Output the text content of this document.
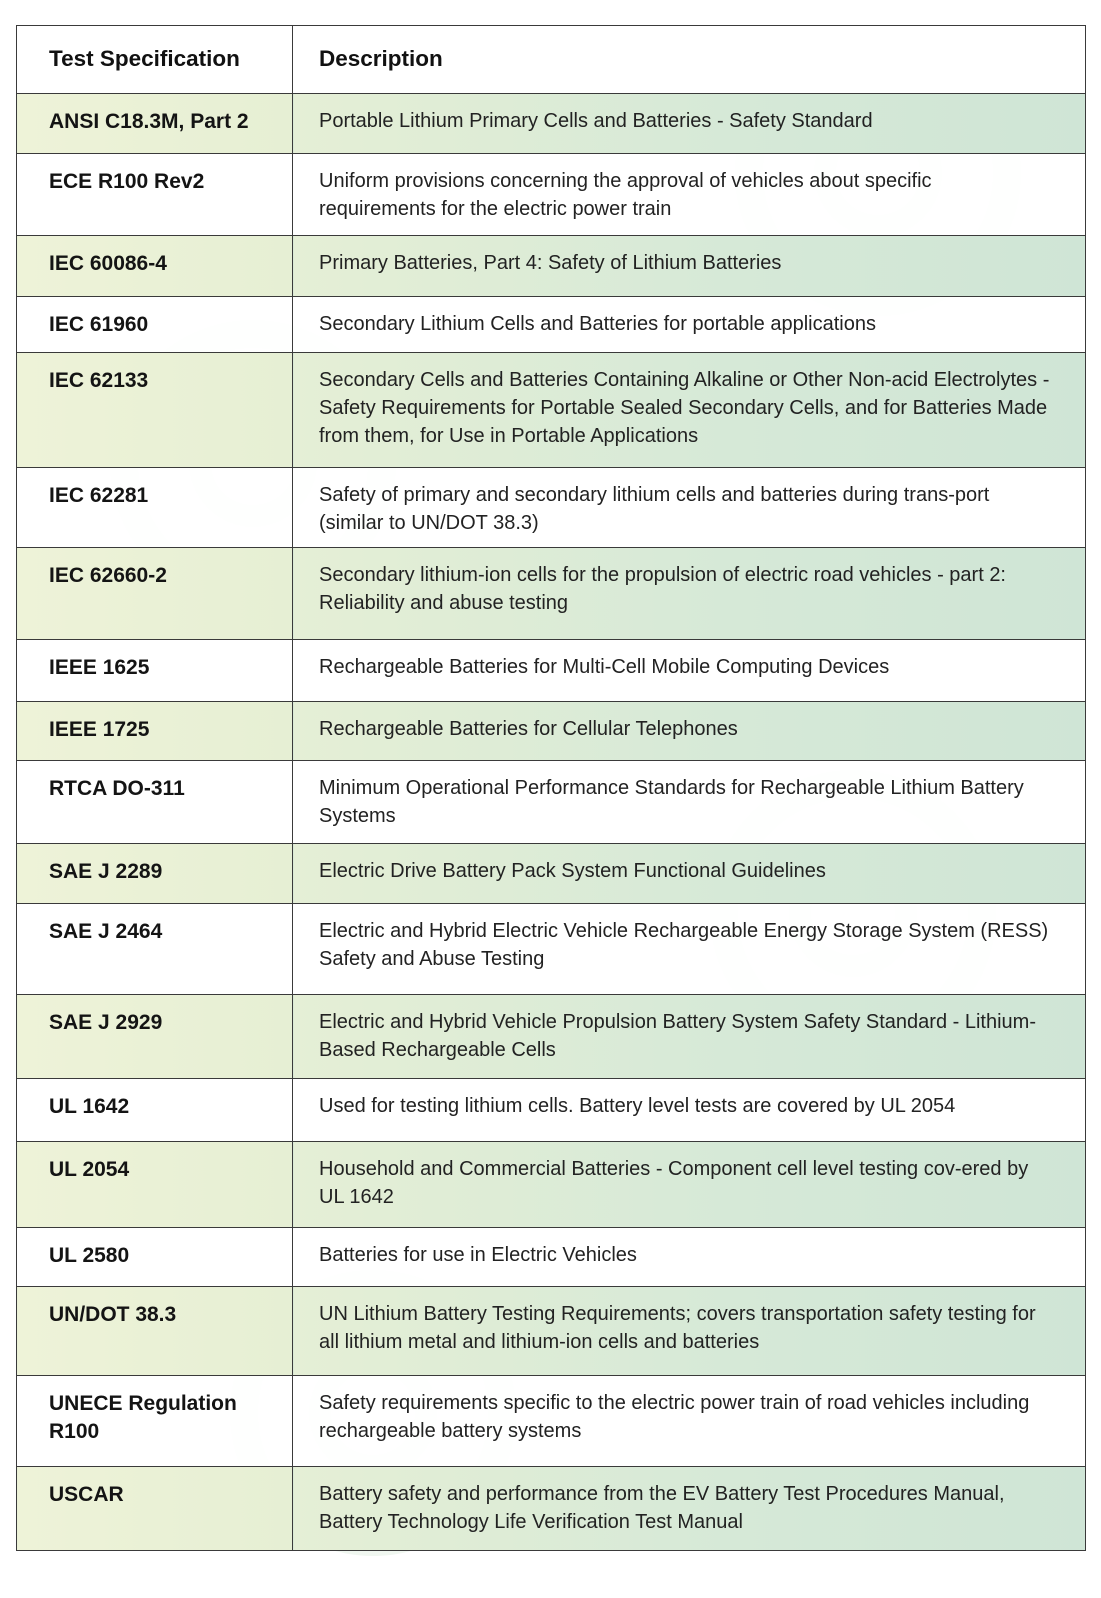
Test Specification	Description
ANSI C18.3M, Part 2	Portable Lithium Primary Cells and Batteries - Safety Standard
ECE R100 Rev2	Uniform provisions concerning the approval of vehicles about specific requirements for the electric power train
IEC 60086-4	Primary Batteries, Part 4: Safety of Lithium Batteries
IEC 61960	Secondary Lithium Cells and Batteries for portable applications
IEC 62133	Secondary Cells and Batteries Containing Alkaline or Other Non-acid Electrolytes - Safety Requirements for Portable Sealed Secondary Cells, and for Batteries Made from them, for Use in Portable Applications
IEC 62281	Safety of primary and secondary lithium cells and batteries during trans-port (similar to UN/DOT 38.3)
IEC 62660-2	Secondary lithium-ion cells for the propulsion of electric road vehicles - part 2: Reliability and abuse testing
IEEE 1625	Rechargeable Batteries for Multi-Cell Mobile Computing Devices
IEEE 1725	Rechargeable Batteries for Cellular Telephones
RTCA DO-311	Minimum Operational Performance Standards for Rechargeable Lithium Battery Systems
SAE J 2289	Electric Drive Battery Pack System Functional Guidelines
SAE J 2464	Electric and Hybrid Electric Vehicle Rechargeable Energy Storage System (RESS) Safety and Abuse Testing
SAE J 2929	Electric and Hybrid Vehicle Propulsion Battery System Safety Standard - Lithium-Based Rechargeable Cells
UL 1642	Used for testing lithium cells. Battery level tests are covered by UL 2054
UL 2054	Household and Commercial Batteries - Component cell level testing cov-ered by UL 1642
UL 2580	Batteries for use in Electric Vehicles
UN/DOT 38.3	UN Lithium Battery Testing Requirements; covers transportation safety testing for all lithium metal and lithium-ion cells and batteries
UNECE Regulation R100	Safety requirements specific to the electric power train of road vehicles including rechargeable battery systems
USCAR	Battery safety and performance from the EV Battery Test Procedures Manual, Battery Technology Life Verification Test Manual
